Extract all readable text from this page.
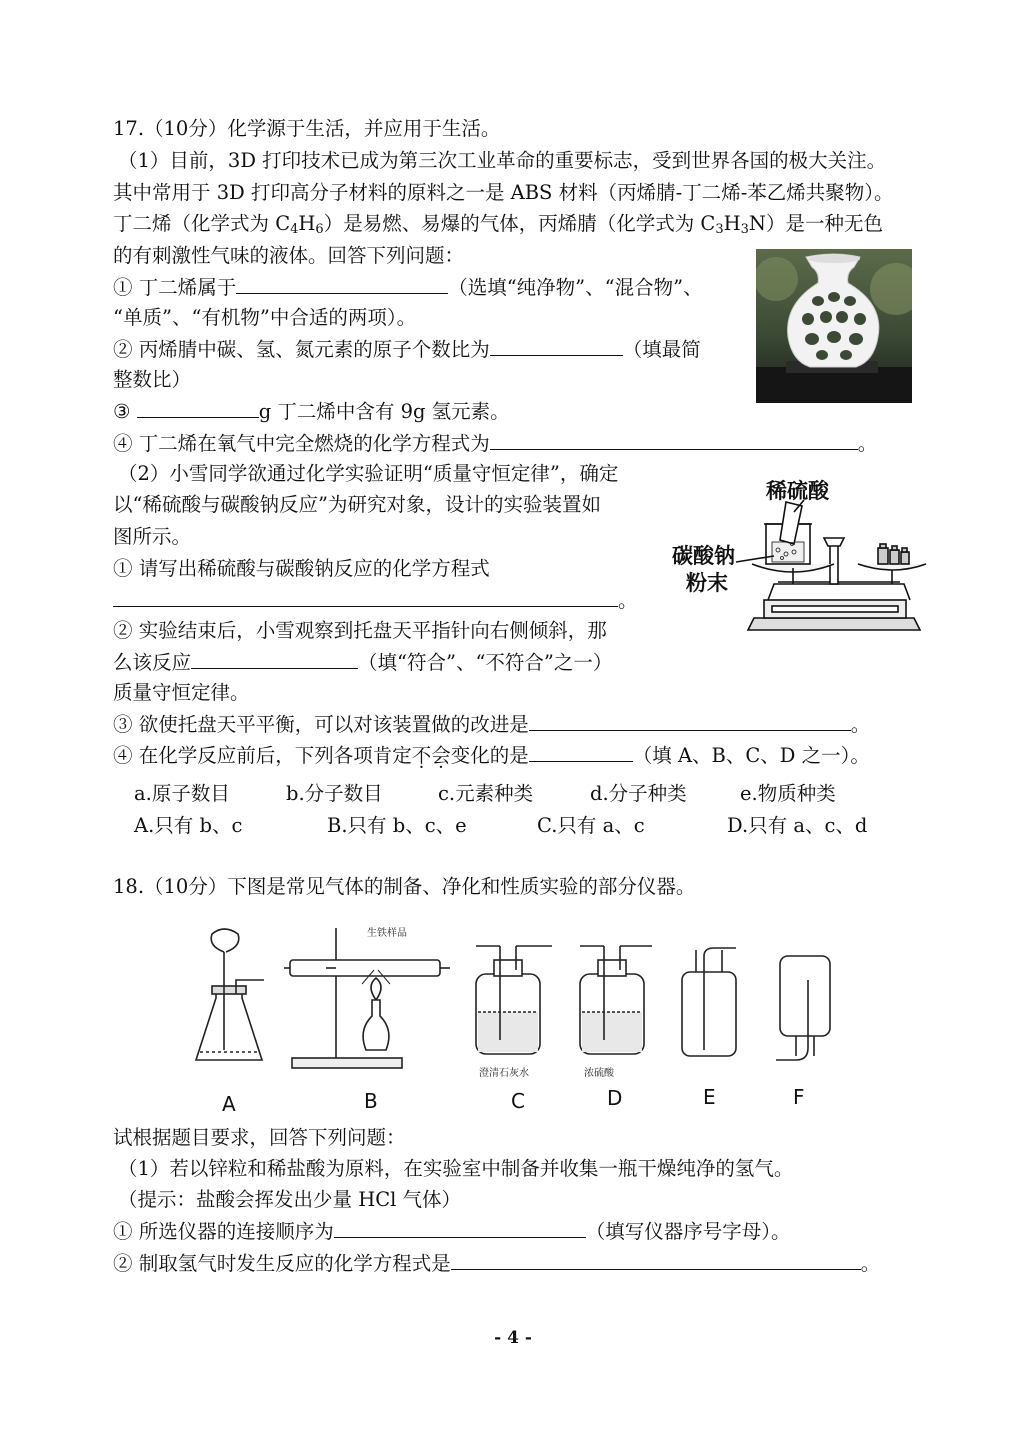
17.（10分）化学源于生活，并应用于生活。
（1）目前，3D 打印技术已成为第三次工业革命的重要标志，受到世界各国的极大关注。
其中常用于 3D 打印高分子材料的原料之一是 ABS 材料（丙烯腈-丁二烯-苯乙烯共聚物）。
丁二烯（化学式为 $C_4H_6$）是易燃、易爆的气体，丙烯腈（化学式为 $C_3H_3N$）是一种无色
的有刺激性气味的液体。回答下列问题：
① 丁二烯属于	（选填“纯净物”、“混合物”、
“单质”、“有机物”中合适的两项）。
② 丙烯腈中碳、氢、氮元素的原子个数比为	（填最简
整数比）
③	g 丁二烯中含有 9g 氢元素。
④ 丁二烯在氧气中完全燃烧的化学方程式为	。
（2）小雪同学欲通过化学实验证明“质量守恒定律”，确定
以“稀硫酸与碳酸钠反应”为研究对象，设计的实验装置如
图所示。
① 请写出稀硫酸与碳酸钠反应的化学方程式
。
② 实验结束后，小雪观察到托盘天平指针向右侧倾斜，那
么该反应	（填“符合”、“不符合”之一）
质量守恒定律。
稀硫酸
碳酸钠
粉末
③ 欲使托盘天平平衡，可以对该装置做的改进是	。
④ 在化学反应前后，下列各项肯定不会变化的是	（填 A、B、C、D 之一）。
a.原子数目	b.分子数目	c.元素种类	d.分子种类	e.物质种类
A.只有 b、c	B.只有 b、c、e	C.只有 a、c	D.只有 a、c、d
18.（10分）下图是常见气体的制备、净化和性质实验的部分仪器。
生铁样品
澄清石灰水	浓硫酸
A	B	C	D	E	F
试根据题目要求，回答下列问题：
（1）若以锌粒和稀盐酸为原料，在实验室中制备并收集一瓶干燥纯净的氢气。
（提示：盐酸会挥发出少量 HCl 气体）
① 所选仪器的连接顺序为	（填写仪器序号字母）。
② 制取氢气时发生反应的化学方程式是	。
- 4 -
